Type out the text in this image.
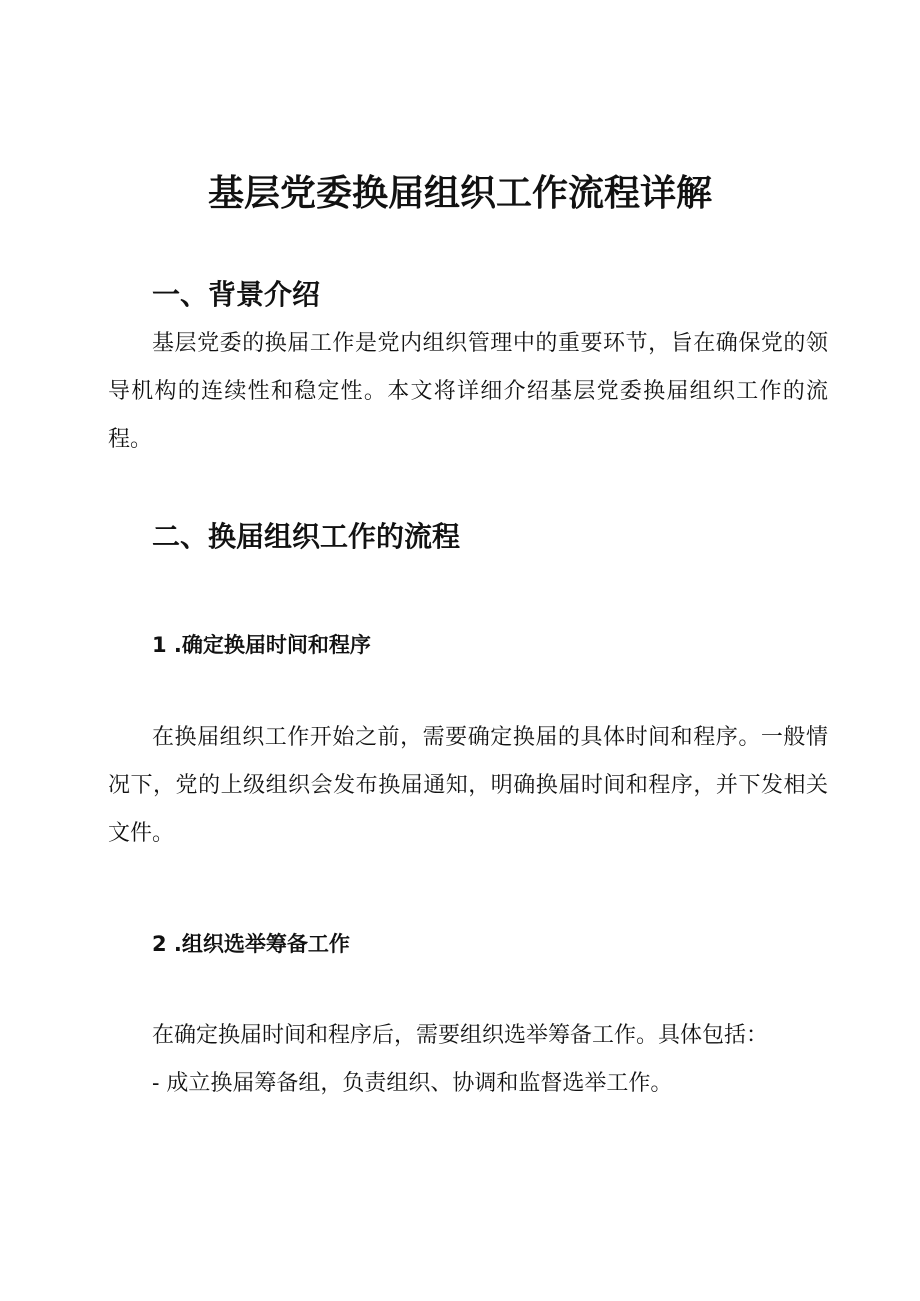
基层党委换届组织工作流程详解
一、背景介绍
基层党委的换届工作是党内组织管理中的重要环节，旨在确保党的领导机构的连续性和稳定性。本文将详细介绍基层党委换届组织工作的流程。
二、换届组织工作的流程
1 .确定换届时间和程序
在换届组织工作开始之前，需要确定换届的具体时间和程序。一般情况下，党的上级组织会发布换届通知，明确换届时间和程序，并下发相关文件。
2 .组织选举筹备工作
在确定换届时间和程序后，需要组织选举筹备工作。具体包括：
- 成立换届筹备组，负责组织、协调和监督选举工作。
